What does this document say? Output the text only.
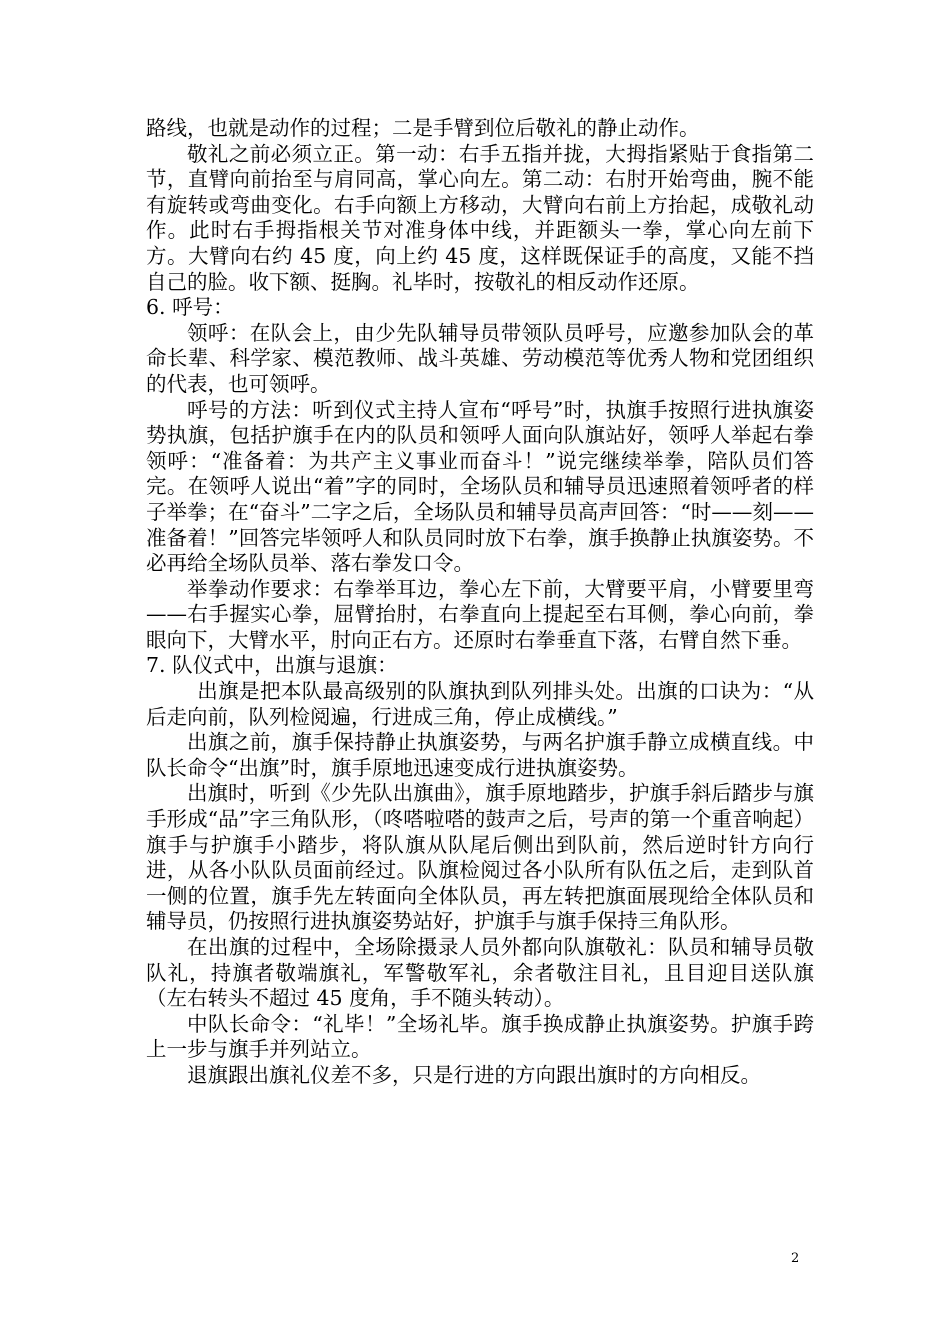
路线，也就是动作的过程；二是手臂到位后敬礼的静止动作。

敬礼之前必须立正。第一动：右手五指并拢，大拇指紧贴于食指第二节，直臂向前抬至与肩同高，掌心向左。第二动：右肘开始弯曲，腕不能有旋转或弯曲变化。右手向额上方移动，大臂向右前上方抬起，成敬礼动作。此时右手拇指根关节对准身体中线，并距额头一拳，掌心向左前下方。大臂向右约 45 度，向上约 45 度，这样既保证手的高度，又能不挡自己的脸。收下额、挺胸。礼毕时，按敬礼的相反动作还原。

6. 呼号：

领呼：在队会上，由少先队辅导员带领队员呼号，应邀参加队会的革命长辈、科学家、模范教师、战斗英雄、劳动模范等优秀人物和党团组织的代表，也可领呼。

呼号的方法：听到仪式主持人宣布“呼号”时，执旗手按照行进执旗姿势执旗，包括护旗手在内的队员和领呼人面向队旗站好，领呼人举起右拳领呼：“准备着：为共产主义事业而奋斗！”说完继续举拳，陪队员们答完。在领呼人说出“着”字的同时，全场队员和辅导员迅速照着领呼者的样子举拳；在“奋斗”二字之后，全场队员和辅导员高声回答：“时——刻——准备着！”回答完毕领呼人和队员同时放下右拳，旗手换静止执旗姿势。不必再给全场队员举、落右拳发口令。

举拳动作要求：右拳举耳边，拳心左下前，大臂要平肩，小臂要里弯——右手握实心拳，屈臂抬肘，右拳直向上提起至右耳侧，拳心向前，拳眼向下，大臂水平，肘向正右方。还原时右拳垂直下落，右臂自然下垂。

7. 队仪式中，出旗与退旗：

出旗是把本队最高级别的队旗执到队列排头处。出旗的口诀为：“从后走向前，队列检阅遍，行进成三角，停止成横线。”

出旗之前，旗手保持静止执旗姿势，与两名护旗手静立成横直线。中队长命令“出旗”时，旗手原地迅速变成行进执旗姿势。

出旗时，听到《少先队出旗曲》，旗手原地踏步，护旗手斜后踏步与旗手形成“品”字三角队形，（咚嗒啦嗒的鼓声之后，号声的第一个重音响起）旗手与护旗手小踏步，将队旗从队尾后侧出到队前，然后逆时针方向行进，从各小队队员面前经过。队旗检阅过各小队所有队伍之后，走到队首一侧的位置，旗手先左转面向全体队员，再左转把旗面展现给全体队员和辅导员，仍按照行进执旗姿势站好，护旗手与旗手保持三角队形。

在出旗的过程中，全场除摄录人员外都向队旗敬礼：队员和辅导员敬队礼，持旗者敬端旗礼，军警敬军礼，余者敬注目礼，且目迎目送队旗（左右转头不超过 45 度角，手不随头转动）。

中队长命令：“礼毕！”全场礼毕。旗手换成静止执旗姿势。护旗手跨上一步与旗手并列站立。

退旗跟出旗礼仪差不多，只是行进的方向跟出旗时的方向相反。

2
